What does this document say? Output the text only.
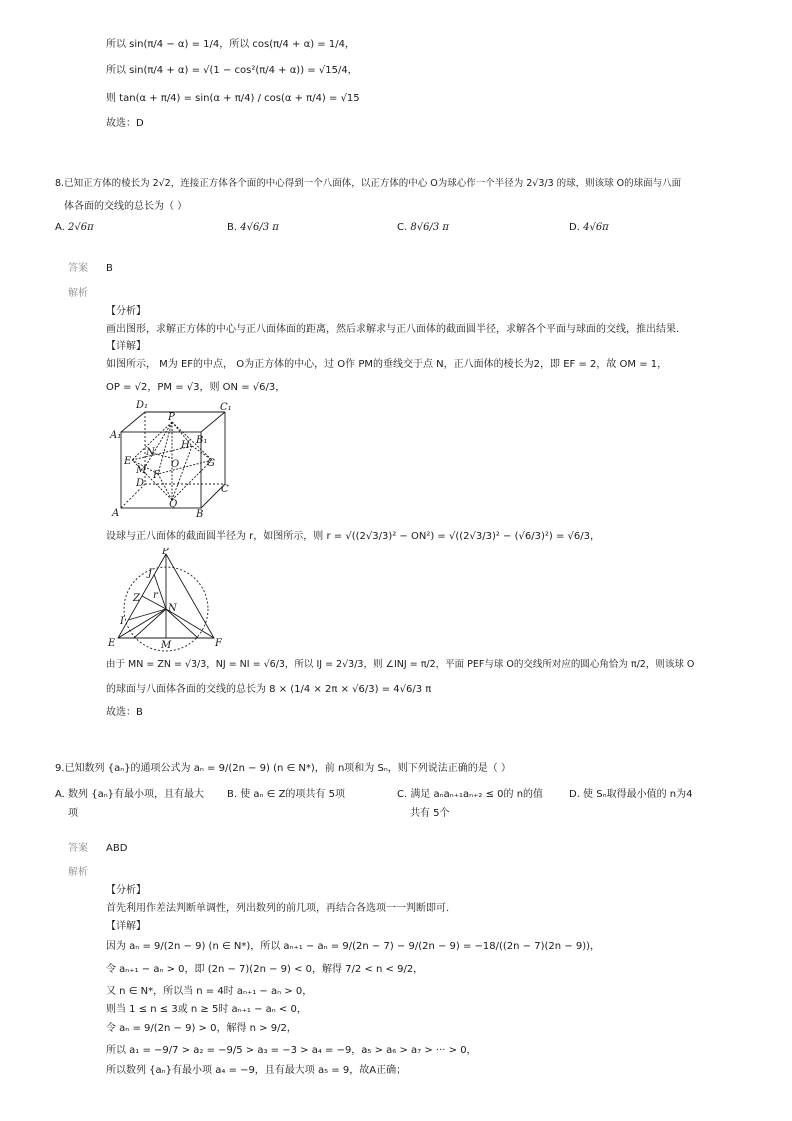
所以 sin(π/4 − α) = 1/4，所以 cos(π/4 + α) = 1/4，
所以 sin(π/4 + α) = √(1 − cos²(π/4 + α)) = √15/4，
则 tan(α + π/4) = sin(α + π/4) / cos(α + π/4) = √15
故选：D
8.已知正方体的棱长为 2√2，连接正方体各个面的中心得到一个八面体，以正方体的中心 O为球心作一个半径为 2√3/3 的球，则该球 O的球面与八面
体各面的交线的总长为（ ）
A. 2√6π	B. 4√6/3 π	C. 8√6/3 π	D. 4√6π
答案 B
解析
【分析】
画出图形，求解正方体的中心与正八面体面的距离，然后求解求与正八面体的截面圆半径，求解各个平面与球面的交线，推出结果.
【详解】
如图所示， M为 EF的中点， O为正方体的中心，过 O作 PM的垂线交于点 N，正八面体的棱长为2，即 EF = 2，故 OM = 1，
OP = √2，PM = √3，则 ON = √6/3，
D₁	C₁
A₁	B₁
P
H
E
N
O	G
M F
D
C
Q
A	B
设球与正八面体的截面圆半径为 r，如图所示，则 r = √((2√3/3)² − ON²) = √((2√3/3)² − (√6/3)²) = √6/3，
P
J
Z r
N
I
E	M	F
由于 MN = ZN = √3/3，NJ = NI = √6/3，所以 IJ = 2√3/3，则 ∠INJ = π/2，平面 PEF与球 O的交线所对应的圆心角恰为 π/2，则该球 O
的球面与八面体各面的交线的总长为 8 × (1/4 × 2π × √6/3) = 4√6/3 π
故选：B
9.已知数列 {aₙ}的通项公式为 aₙ = 9/(2n − 9) (n ∈ N*)，前 n项和为 Sₙ，则下列说法正确的是（ ）
A. 数列 {aₙ}有最小项，且有最大
项
B. 使 aₙ ∈ Z的项共有 5项	C. 满足 aₙaₙ₊₁aₙ₊₂ ≤ 0的 n的值
共有 5个
D. 使 Sₙ取得最小值的 n为4
答案 ABD
解析
【分析】
首先利用作差法判断单调性，列出数列的前几项，再结合各选项一一判断即可.
【详解】
因为 aₙ = 9/(2n − 9) (n ∈ N*)，所以 aₙ₊₁ − aₙ = 9/(2n − 7) − 9/(2n − 9) = −18/((2n − 7)(2n − 9))，
令 aₙ₊₁ − aₙ > 0，即 (2n − 7)(2n − 9) < 0，解得 7/2 < n < 9/2，
又 n ∈ N*，所以当 n = 4时 aₙ₊₁ − aₙ > 0，
则当 1 ≤ n ≤ 3或 n ≥ 5时 aₙ₊₁ − aₙ < 0，
令 aₙ = 9/(2n − 9) > 0，解得 n > 9/2，
所以 a₁ = −9/7 > a₂ = −9/5 > a₃ = −3 > a₄ = −9，a₅ > a₆ > a₇ > ··· > 0，
所以数列 {aₙ}有最小项 a₄ = −9，且有最大项 a₅ = 9，故A正确；
